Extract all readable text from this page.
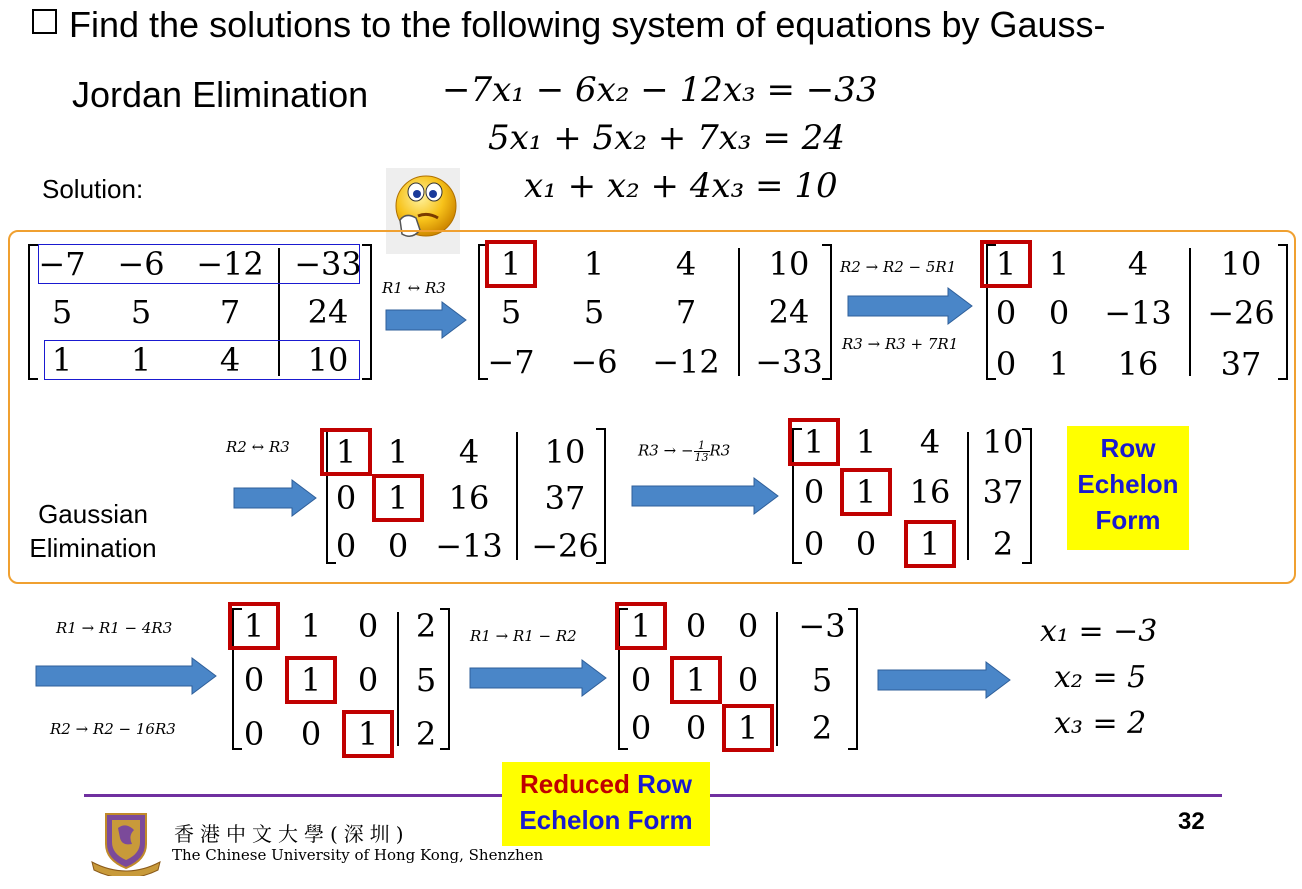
Find the solutions to the following system of equations by Gauss-
Jordan Elimination −7x₁ − 6x₂ − 12x₃ = −33
5x₁ + 5x₂ + 7x₃ = 24
x₁ + x₂ + 4x₃ = 10
Solution:
Gaussian Elimination
−7 −6 −12 −33
5 5 7 24
1 1 4 10
1 1 4 10
5 5 7 24
−7 −6 −12 −33
1 1 4 10
0 0 −13 −26
0 1 16 37
1 1 4 10
0 1 16 37
0 0 −13 −26
1 1 4 10
0 1 16 37
0 0 1 2
1 1 0 2
0 1 0 5
0 0 1 2
1 0 0 −3
0 1 0 5
0 0 1 2
R1 ↔ R3
R2 → R2 − 5R1
R3 → R3 + 7R1
R2 ↔ R3	R3 → − $\frac{1}{13} R3$
R1 → R1 − 4R3
R2 → R2 − 16R3
R1 → R1 − R2
Row
Echelon
Form
x₁ = −3
x₂ = 5
x₃ = 2
Reduced Row
Echelon Form
香港中文大學(深圳)
The Chinese University of Hong Kong, Shenzhen
32
